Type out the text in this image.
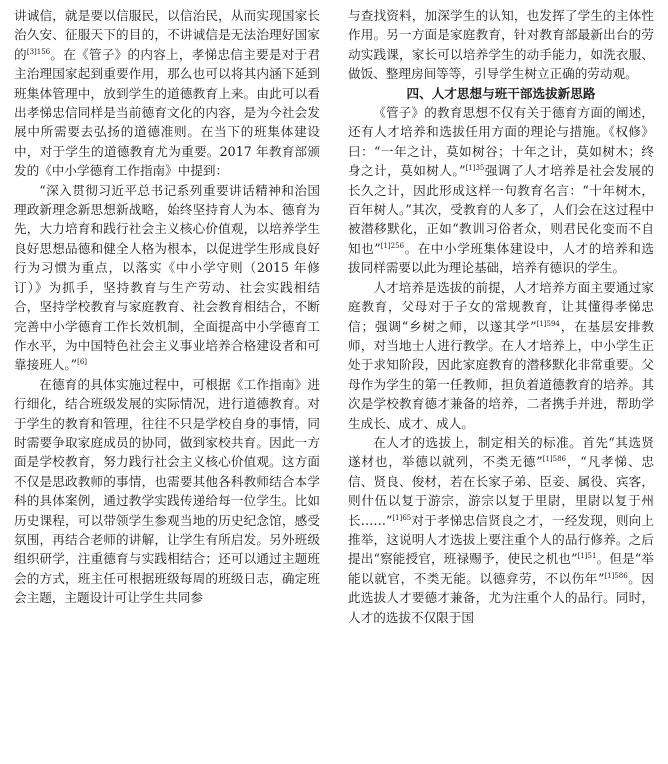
讲诚信，就是要以信服民，以信治民，从而实现国家长治久安、征服天下的目的，不讲诚信是无法治理好国家的$^{[3]156}$。在《管子》的内容上，孝悌忠信主要是对于君主治理国家起到重要作用，那么也可以将其内涵下延到班集体管理中，放到学生的道德教育上来。由此可以看出孝悌忠信同样是当前德育文化的内容，是为今社会发展中所需要去弘扬的道德准则。在当下的班集体建设中，对于学生的道德教育尤为重要。2017 年教育部颁发的《中小学德育工作指南》中提到：

“深入贯彻习近平总书记系列重要讲话精神和治国理政新理念新思想新战略，始终坚持育人为本、德育为先，大力培育和践行社会主义核心价值观，以培养学生良好思想品德和健全人格为根本，以促进学生形成良好行为习惯为重点，以落实《中小学守则（2015 年修订）》为抓手，坚持教育与生产劳动、社会实践相结合，坚持学校教育与家庭教育、社会教育相结合，不断完善中小学德育工作长效机制，全面提高中小学德育工作水平，为中国特色社会主义事业培养合格建设者和可靠接班人。”[6]

在德育的具体实施过程中，可根据《工作指南》进行细化，结合班级发展的实际情况，进行道德教育。对于学生的教育和管理，往往不只是学校自身的事情，同时需要争取家庭成员的协同，做到家校共育。因此一方面是学校教育，努力践行社会主义核心价值观。这方面不仅是思政教师的事情，也需要其他各科教师结合本学科的具体案例，通过教学实践传递给每一位学生。比如历史课程，可以带领学生参观当地的历史纪念馆，感受氛围，再结合老师的讲解，让学生有所启发。另外班级组织研学，注重德育与实践相结合；还可以通过主题班会的方式，班主任可根据班级每周的班级日志，确定班会主题，主题设计可让学生共同参

与查找资料，加深学生的认知，也发挥了学生的主体性作用。另一方面是家庭教育，针对教育部最新出台的劳动实践课，家长可以培养学生的动手能力，如洗衣服、做饭、整理房间等等，引导学生树立正确的劳动观。

四、人才思想与班干部选拔新思路

《管子》的教育思想不仅有关于德育方面的阐述，还有人才培养和选拔任用方面的理论与措施。《权修》曰：“一年之计，莫如树谷；十年之计，莫如树木；终身之计，莫如树人。”$^{[1]35}$强调了人才培养是社会发展的长久之计，因此形成这样一句教育名言：“十年树木，百年树人。”其次，受教育的人多了，人们会在这过程中被潜移默化，正如“教训习俗者众，则君民化变而不自知也”$^{[1]256}$。在中小学班集体建设中，人才的培养和选拔同样需要以此为理论基础，培养有德识的学生。

人才培养是选拔的前提，人才培养方面主要通过家庭教育，父母对于子女的常规教育，让其懂得孝悌忠信；强调“乡树之师，以遂其学”$^{[1]594}$，在基层安排教师，对当地士人进行教学。在人才培养上，中小学生正处于求知阶段，因此家庭教育的潜移默化非常重要。父母作为学生的第一任教师，担负着道德教育的培养。其次是学校教育德才兼备的培养，二者携手并进，帮助学生成长、成才、成人。

在人才的选拔上，制定相关的标准。首先“其选贤遂材也，举德以就列，不类无德”$^{[1]586}$，“凡孝悌、忠信、贤良、俊材，若在长家子弟、臣妾、属役、宾客，则什伍以复于游宗，游宗以复于里尉，里尉以复于州长……”$^{[1]65}$对于孝悌忠信贤良之才，一经发现，则向上推举，这说明人才选拔上要注重个人的品行修养。之后提出“察能授官，班禄赐予，使民之机也”$^{[1]51}$。但是“举能以就官，不类无能。以德弇劳，不以伤年”$^{[1]586}$。因此选拔人才要德才兼备，尤为注重个人的品行。同时，人才的选拔不仅限于国
